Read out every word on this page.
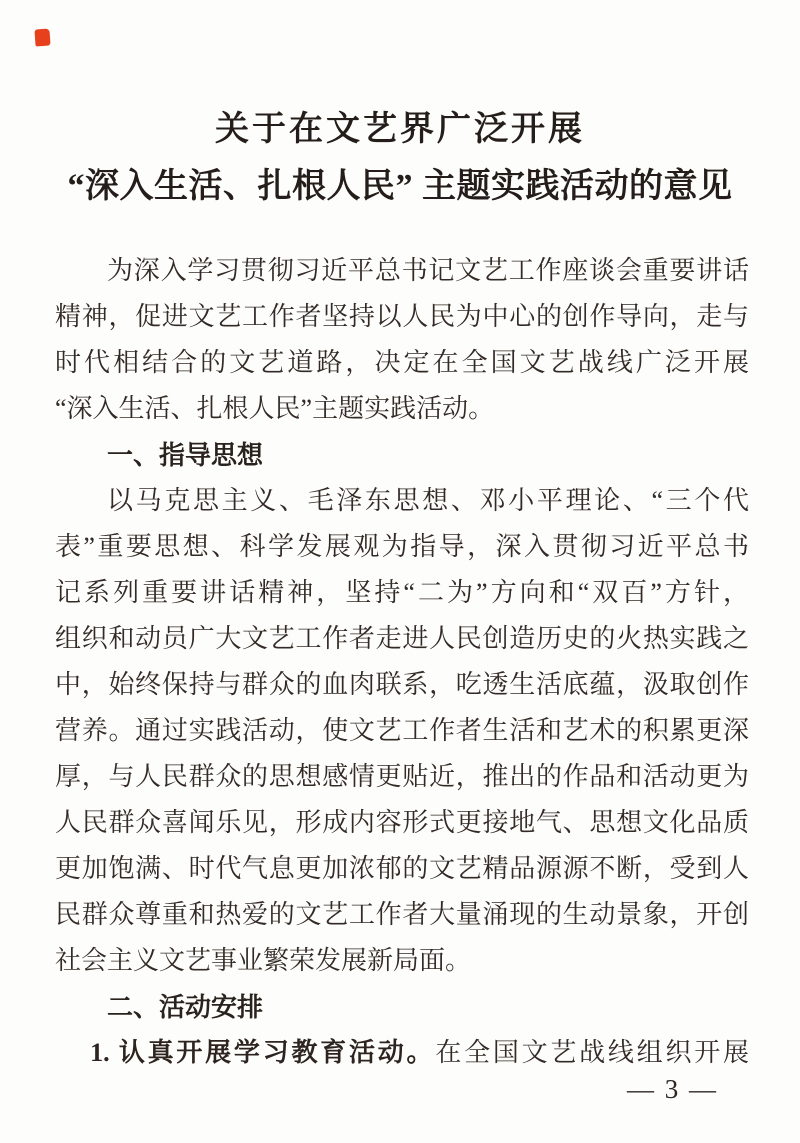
关于在文艺界广泛开展
“深入生活、扎根人民” 主题实践活动的意见
为深入学习贯彻习近平总书记文艺工作座谈会重要讲话
精神，促进文艺工作者坚持以人民为中心的创作导向，走与
时代相结合的文艺道路，决定在全国文艺战线广泛开展
“深入生活、扎根人民”主题实践活动。
一、指导思想
以马克思主义、毛泽东思想、邓小平理论、“三个代
表”重要思想、科学发展观为指导，深入贯彻习近平总书
记系列重要讲话精神，坚持“二为”方向和“双百”方针，
组织和动员广大文艺工作者走进人民创造历史的火热实践之
中，始终保持与群众的血肉联系，吃透生活底蕴，汲取创作
营养。通过实践活动，使文艺工作者生活和艺术的积累更深
厚，与人民群众的思想感情更贴近，推出的作品和活动更为
人民群众喜闻乐见，形成内容形式更接地气、思想文化品质
更加饱满、时代气息更加浓郁的文艺精品源源不断，受到人
民群众尊重和热爱的文艺工作者大量涌现的生动景象，开创
社会主义文艺事业繁荣发展新局面。
二、活动安排
1. 认真开展学习教育活动。在全国文艺战线组织开展
— 3 —
